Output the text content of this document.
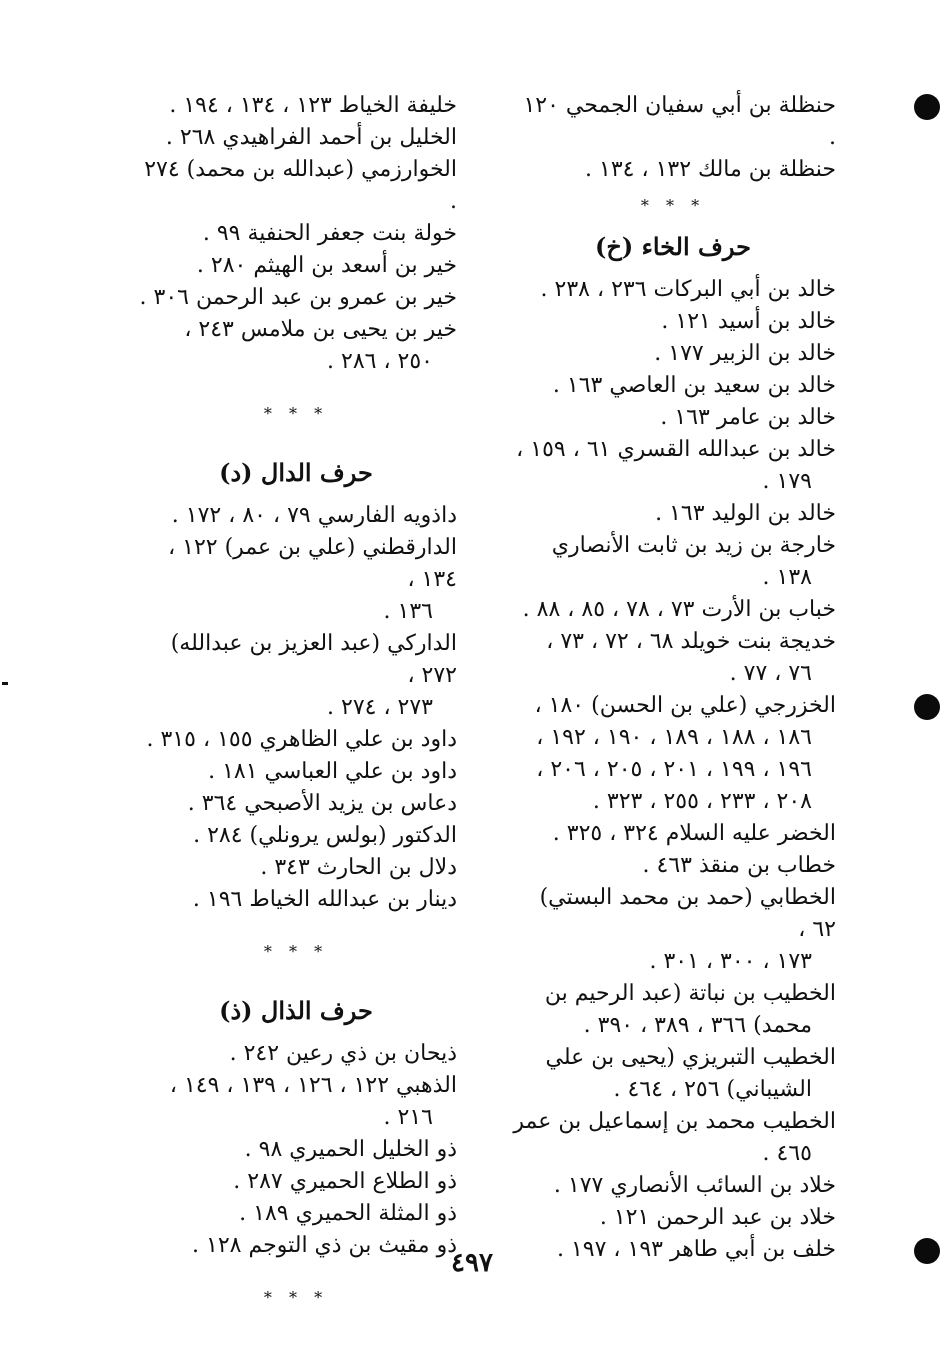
حنظلة بن أبي سفيان الجمحي ١٢٠ .
حنظلة بن مالك ١٣٢ ، ١٣٤ .
* * *
حرف الخاء (خ)
خالد بن أبي البركات ٢٣٦ ، ٢٣٨ .
خالد بن أسيد ١٢١ .
خالد بن الزبير ١٧٧ .
خالد بن سعيد بن العاصي ١٦٣ .
خالد بن عامر ١٦٣ .
خالد بن عبدالله القسري ٦١ ، ١٥٩ ،
١٧٩ .
خالد بن الوليد ١٦٣ .
خارجة بن زيد بن ثابت الأنصاري
١٣٨ .
خباب بن الأرت ٧٣ ، ٧٨ ، ٨٥ ، ٨٨ .
خديجة بنت خويلد ٦٨ ، ٧٢ ، ٧٣ ،
٧٦ ، ٧٧ .
الخزرجي (علي بن الحسن) ١٨٠ ،
١٨٦ ، ١٨٨ ، ١٨٩ ، ١٩٠ ، ١٩٢ ،
١٩٦ ، ١٩٩ ، ٢٠١ ، ٢٠٥ ، ٢٠٦ ،
٢٠٨ ، ٢٣٣ ، ٢٥٥ ، ٣٢٣ .
الخضر عليه السلام ٣٢٤ ، ٣٢٥ .
خطاب بن منقذ ٤٦٣ .
الخطابي (حمد بن محمد البستي) ٦٢ ،
١٧٣ ، ٣٠٠ ، ٣٠١ .
الخطيب بن نباتة (عبد الرحيم بن
محمد) ٣٦٦ ، ٣٨٩ ، ٣٩٠ .
الخطيب التبريزي (يحيى بن علي
الشيباني) ٢٥٦ ، ٤٦٤ .
الخطيب محمد بن إسماعيل بن عمر
٤٦٥ .
خلاد بن السائب الأنصاري ١٧٧ .
خلاد بن عبد الرحمن ١٢١ .
خلف بن أبي طاهر ١٩٣ ، ١٩٧ .
خليفة الخياط ١٢٣ ، ١٣٤ ، ١٩٤ .
الخليل بن أحمد الفراهيدي ٢٦٨ .
الخوارزمي (عبدالله بن محمد) ٢٧٤ .
خولة بنت جعفر الحنفية ٩٩ .
خير بن أسعد بن الهيثم ٢٨٠ .
خير بن عمرو بن عبد الرحمن ٣٠٦ .
خير بن يحيى بن ملامس ٢٤٣ ،
٢٥٠ ، ٢٨٦ .
* * *
حرف الدال (د)
داذويه الفارسي ٧٩ ، ٨٠ ، ١٧٢ .
الدارقطني (علي بن عمر) ١٢٢ ، ١٣٤ ،
١٣٦ .
الداركي (عبد العزيز بن عبدالله) ٢٧٢ ،
٢٧٣ ، ٢٧٤ .
داود بن علي الظاهري ١٥٥ ، ٣١٥ .
داود بن علي العباسي ١٨١ .
دعاس بن يزيد الأصبحي ٣٦٤ .
الدكتور (بولس يرونلي) ٢٨٤ .
دلال بن الحارث ٣٤٣ .
دينار بن عبدالله الخياط ١٩٦ .
* * *
حرف الذال (ذ)
ذيحان بن ذي رعين ٢٤٢ .
الذهبي ١٢٢ ، ١٢٦ ، ١٣٩ ، ١٤٩ ،
٢١٦ .
ذو الخليل الحميري ٩٨ .
ذو الطلاع الحميري ٢٨٧ .
ذو المثلة الحميري ١٨٩ .
ذو مقيث بن ذي التوجم ١٢٨ .
* * *
٤٩٧
